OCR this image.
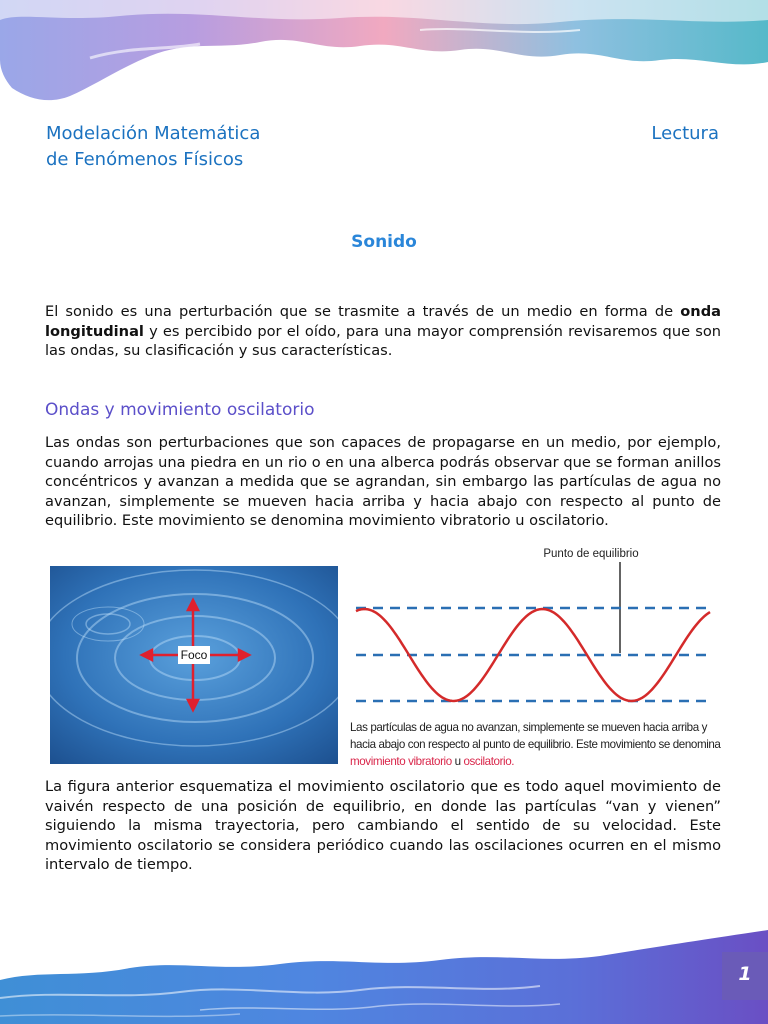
Modelación Matemática
de Fenómenos Físicos
Lectura
Sonido
El sonido es una perturbación que se trasmite a través de un medio en forma de onda longitudinal y es percibido por el oído, para una mayor comprensión revisaremos que son las ondas, su clasificación y sus características.
Ondas y movimiento oscilatorio
Las ondas son perturbaciones que son capaces de propagarse en un medio, por ejemplo, cuando arrojas una piedra en un rio o en una alberca podrás observar que se forman anillos concéntricos y avanzan a medida que se agrandan, sin embargo las partículas de agua no avanzan, simplemente se mueven hacia arriba y hacia abajo con respecto al punto de equilibrio. Este movimiento se denomina movimiento vibratorio u oscilatorio.
Foco
Punto de equilibrio
Las partículas de agua no avanzan, simplemente se mueven hacia arriba y hacia abajo con respecto al punto de equilibrio. Este movimiento se denomina movimiento vibratorio u oscilatorio.
La figura anterior esquematiza el movimiento oscilatorio que es todo aquel movimiento de vaivén respecto de una posición de equilibrio, en donde las partículas “van y vienen” siguiendo la misma trayectoria, pero cambiando el sentido de su velocidad. Este movimiento oscilatorio se considera periódico cuando las oscilaciones ocurren en el mismo intervalo de tiempo.
1
